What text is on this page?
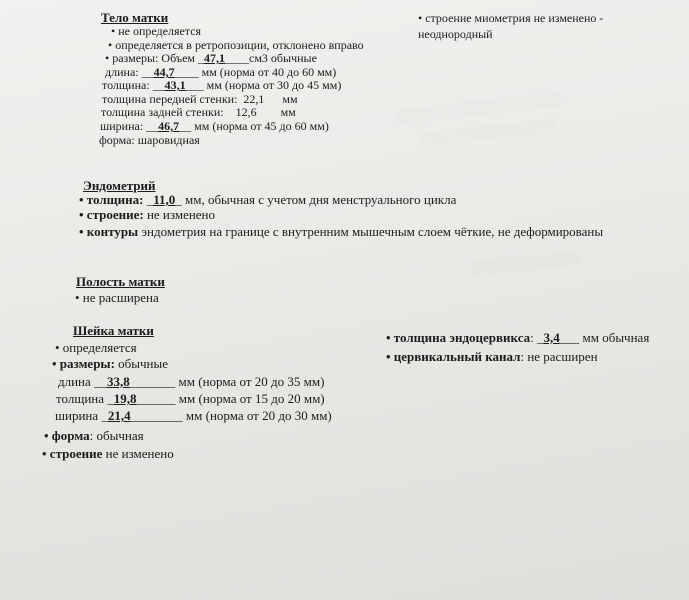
░░░░░░░░░░░░░░░░░░
░░░░░░░░░░░░░░░
░░░░░░░░░░░░
Тело матки
• не определяется
• определяется в ретропозиции, отклонено вправо
• размеры: Объем _47,1____см3 обычные
длина: __44,7____ мм (норма от 40 до 60 мм)
толщина: __43,1___ мм (норма от 30 до 45 мм)
толщина передней стенки:  22,1      мм
толщина задней стенки:    12,6        мм
ширина: __46,7__ мм (норма от 45 до 60 мм)
форма: шаровидная
• строение миометрия не изменено -
неоднородный
Эндометрий
• толщина: _11,0_ мм, обычная с учетом дня менструального цикла
• строение: не изменено
• контуры эндометрия на границе с внутренним мышечным слоем чёткие, не деформированы
Полость матки
• не расширена
Шейка матки
• определяется
• размеры: обычные
длина __33,8_______ мм (норма от 20 до 35 мм)
толщина _19,8______ мм (норма от 15 до 20 мм)
ширина _21,4________ мм (норма от 20 до 30 мм)
• форма: обычная
• строение не изменено
• толщина эндоцервикса: _3,4___ мм обычная
• цервикальный канал: не расширен
